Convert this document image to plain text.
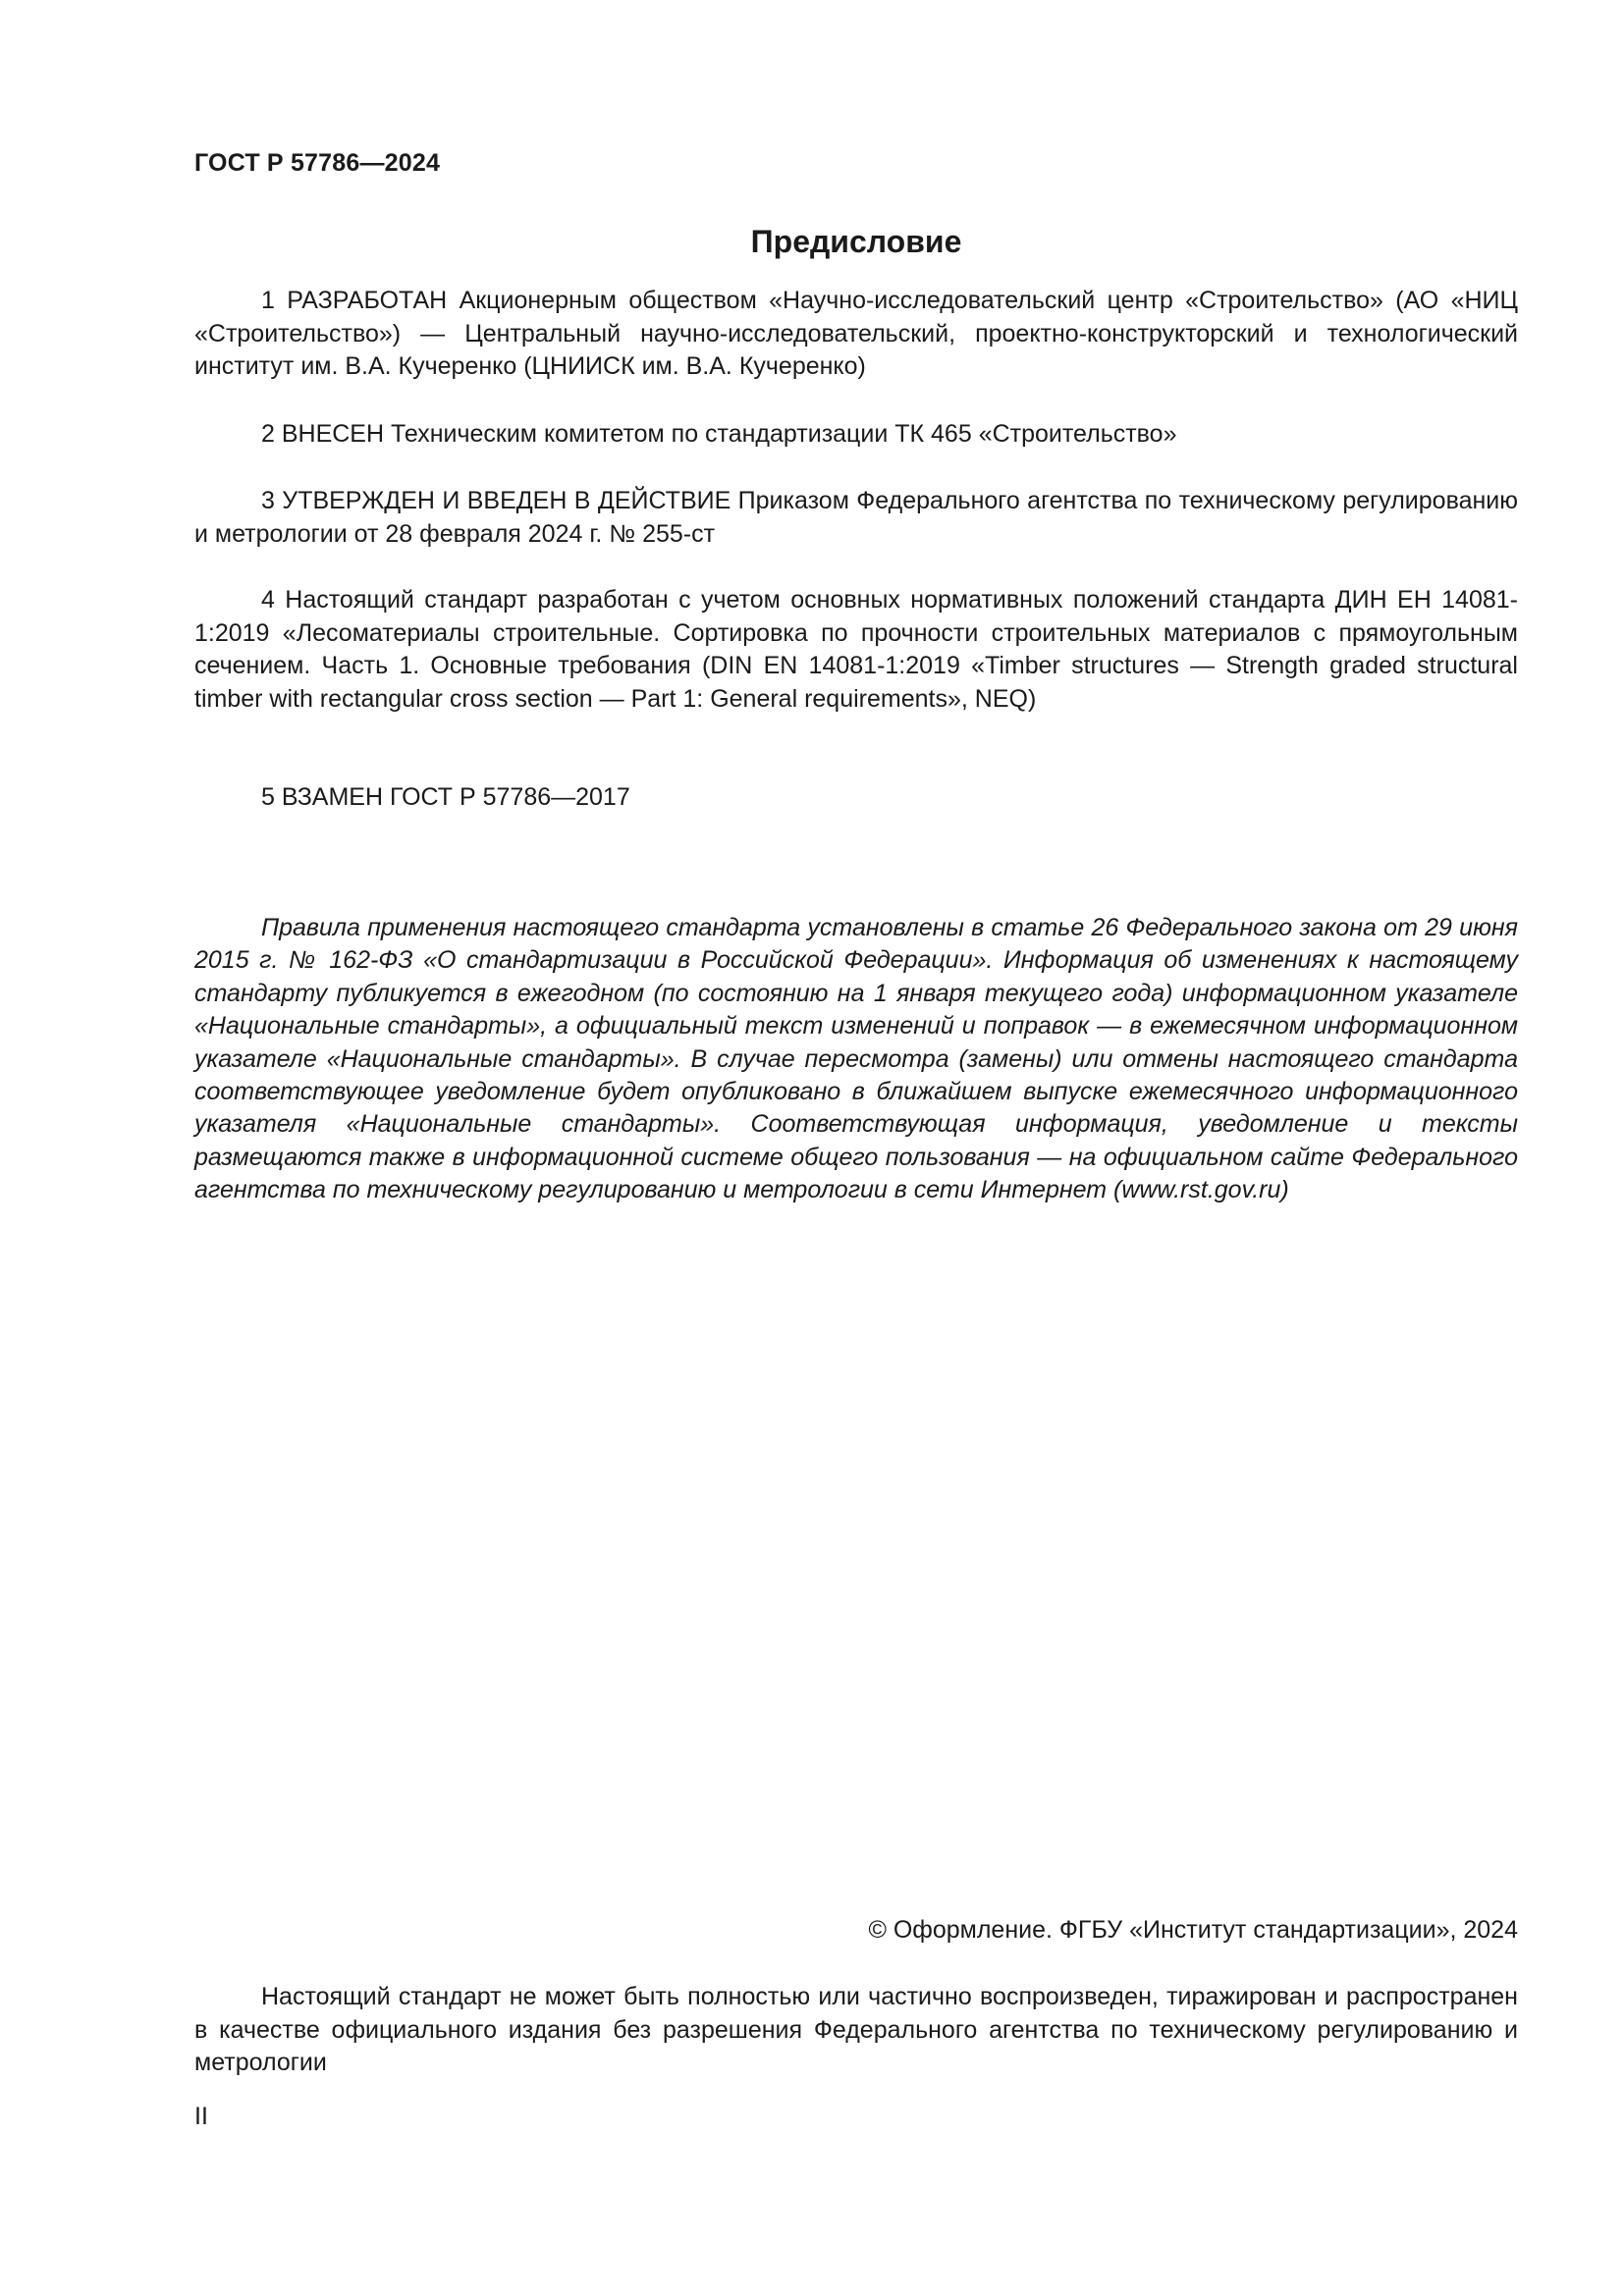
ГОСТ Р 57786—2024
Предисловие

1 РАЗРАБОТАН Акционерным обществом «Научно-исследовательский центр «Строительство» (АО «НИЦ «Строительство») — Центральный научно-исследовательский, проектно-конструкторский и технологический институт им. В.А. Кучеренко (ЦНИИСК им. В.А. Кучеренко)

2 ВНЕСЕН Техническим комитетом по стандартизации ТК 465 «Строительство»

3 УТВЕРЖДЕН И ВВЕДЕН В ДЕЙСТВИЕ Приказом Федерального агентства по техническому регулированию и метрологии от 28 февраля 2024 г. № 255-ст

4 Настоящий стандарт разработан с учетом основных нормативных положений стандарта ДИН ЕН 14081-1:2019 «Лесоматериалы строительные. Сортировка по прочности строительных материалов с прямоугольным сечением. Часть 1. Основные требования (DIN EN 14081-1:2019 «Timber structures — Strength graded structural timber with rectangular cross section — Part 1: General requirements», NEQ)

5 ВЗАМЕН ГОСТ Р 57786—2017

Правила применения настоящего стандарта установлены в статье 26 Федерального закона от 29 июня 2015 г. № 162-ФЗ «О стандартизации в Российской Федерации». Информация об изменениях к настоящему стандарту публикуется в ежегодном (по состоянию на 1 января текущего года) информационном указателе «Национальные стандарты», а официальный текст изменений и поправок — в ежемесячном информационном указателе «Национальные стандарты». В случае пересмотра (замены) или отмены настоящего стандарта соответствующее уведомление будет опубликовано в ближайшем выпуске ежемесячного информационного указателя «Национальные стандарты». Соответствующая информация, уведомление и тексты размещаются также в информационной системе общего пользования — на официальном сайте Федерального агентства по техническому регулированию и метрологии в сети Интернет (www.rst.gov.ru)

© Оформление. ФГБУ «Институт стандартизации», 2024

Настоящий стандарт не может быть полностью или частично воспроизведен, тиражирован и распространен в качестве официального издания без разрешения Федерального агентства по техническому регулированию и метрологии

II
